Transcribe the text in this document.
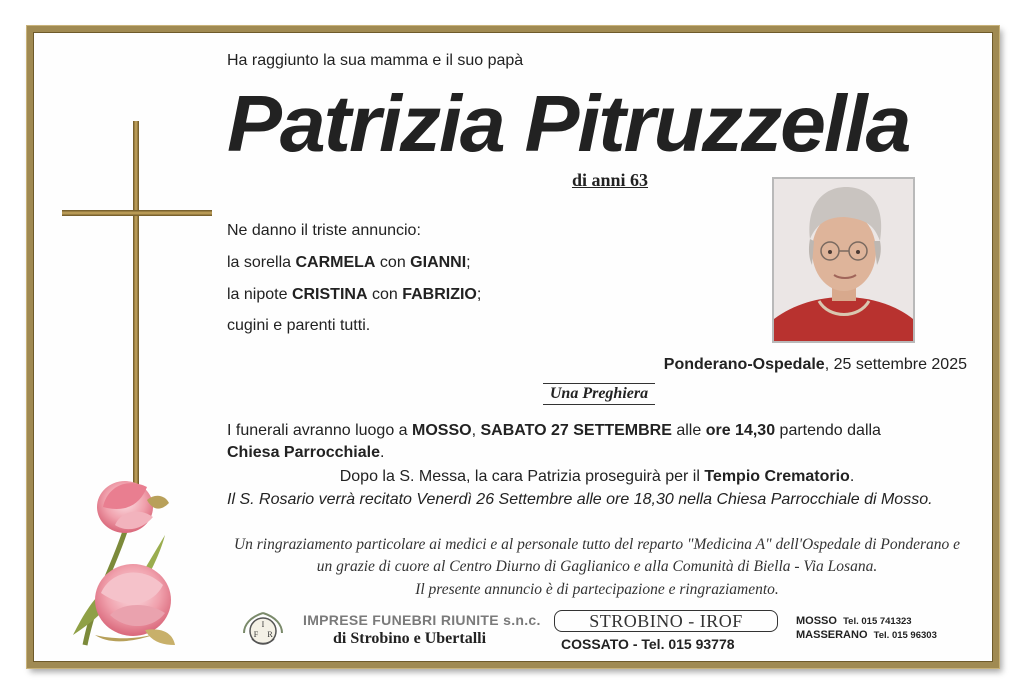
Ha raggiunto la sua mamma e il suo papà
Patrizia Pitruzzella
di anni 63
Ne danno il triste annuncio:
la sorella CARMELA con GIANNI;
la nipote CRISTINA con FABRIZIO;
cugini e parenti tutti.
Ponderano-Ospedale, 25 settembre 2025
Una Preghiera
I funerali avranno luogo a MOSSO, SABATO 27 SETTEMBRE alle ore 14,30 partendo dalla
Chiesa Parrocchiale.
Dopo la S. Messa, la cara Patrizia proseguirà per il Tempio Crematorio.
Il S. Rosario verrà recitato Venerdì 26 Settembre alle ore 18,30 nella Chiesa Parrocchiale di Mosso.
Un ringraziamento particolare ai medici e al personale tutto del reparto "Medicina A" dell'Ospedale di Ponderano e un grazie di cuore al Centro Diurno di Gaglianico e alla Comunità di Biella - Via Losana.
Il presente annuncio è di partecipazione e ringraziamento.
I
F R
IMPRESE FUNEBRI RIUNITE s.n.c.
di Strobino e Ubertalli
STROBINO - IROF
COSSATO - Tel. 015 93778
MOSSO Tel. 015 741323
MASSERANO Tel. 015 96303
